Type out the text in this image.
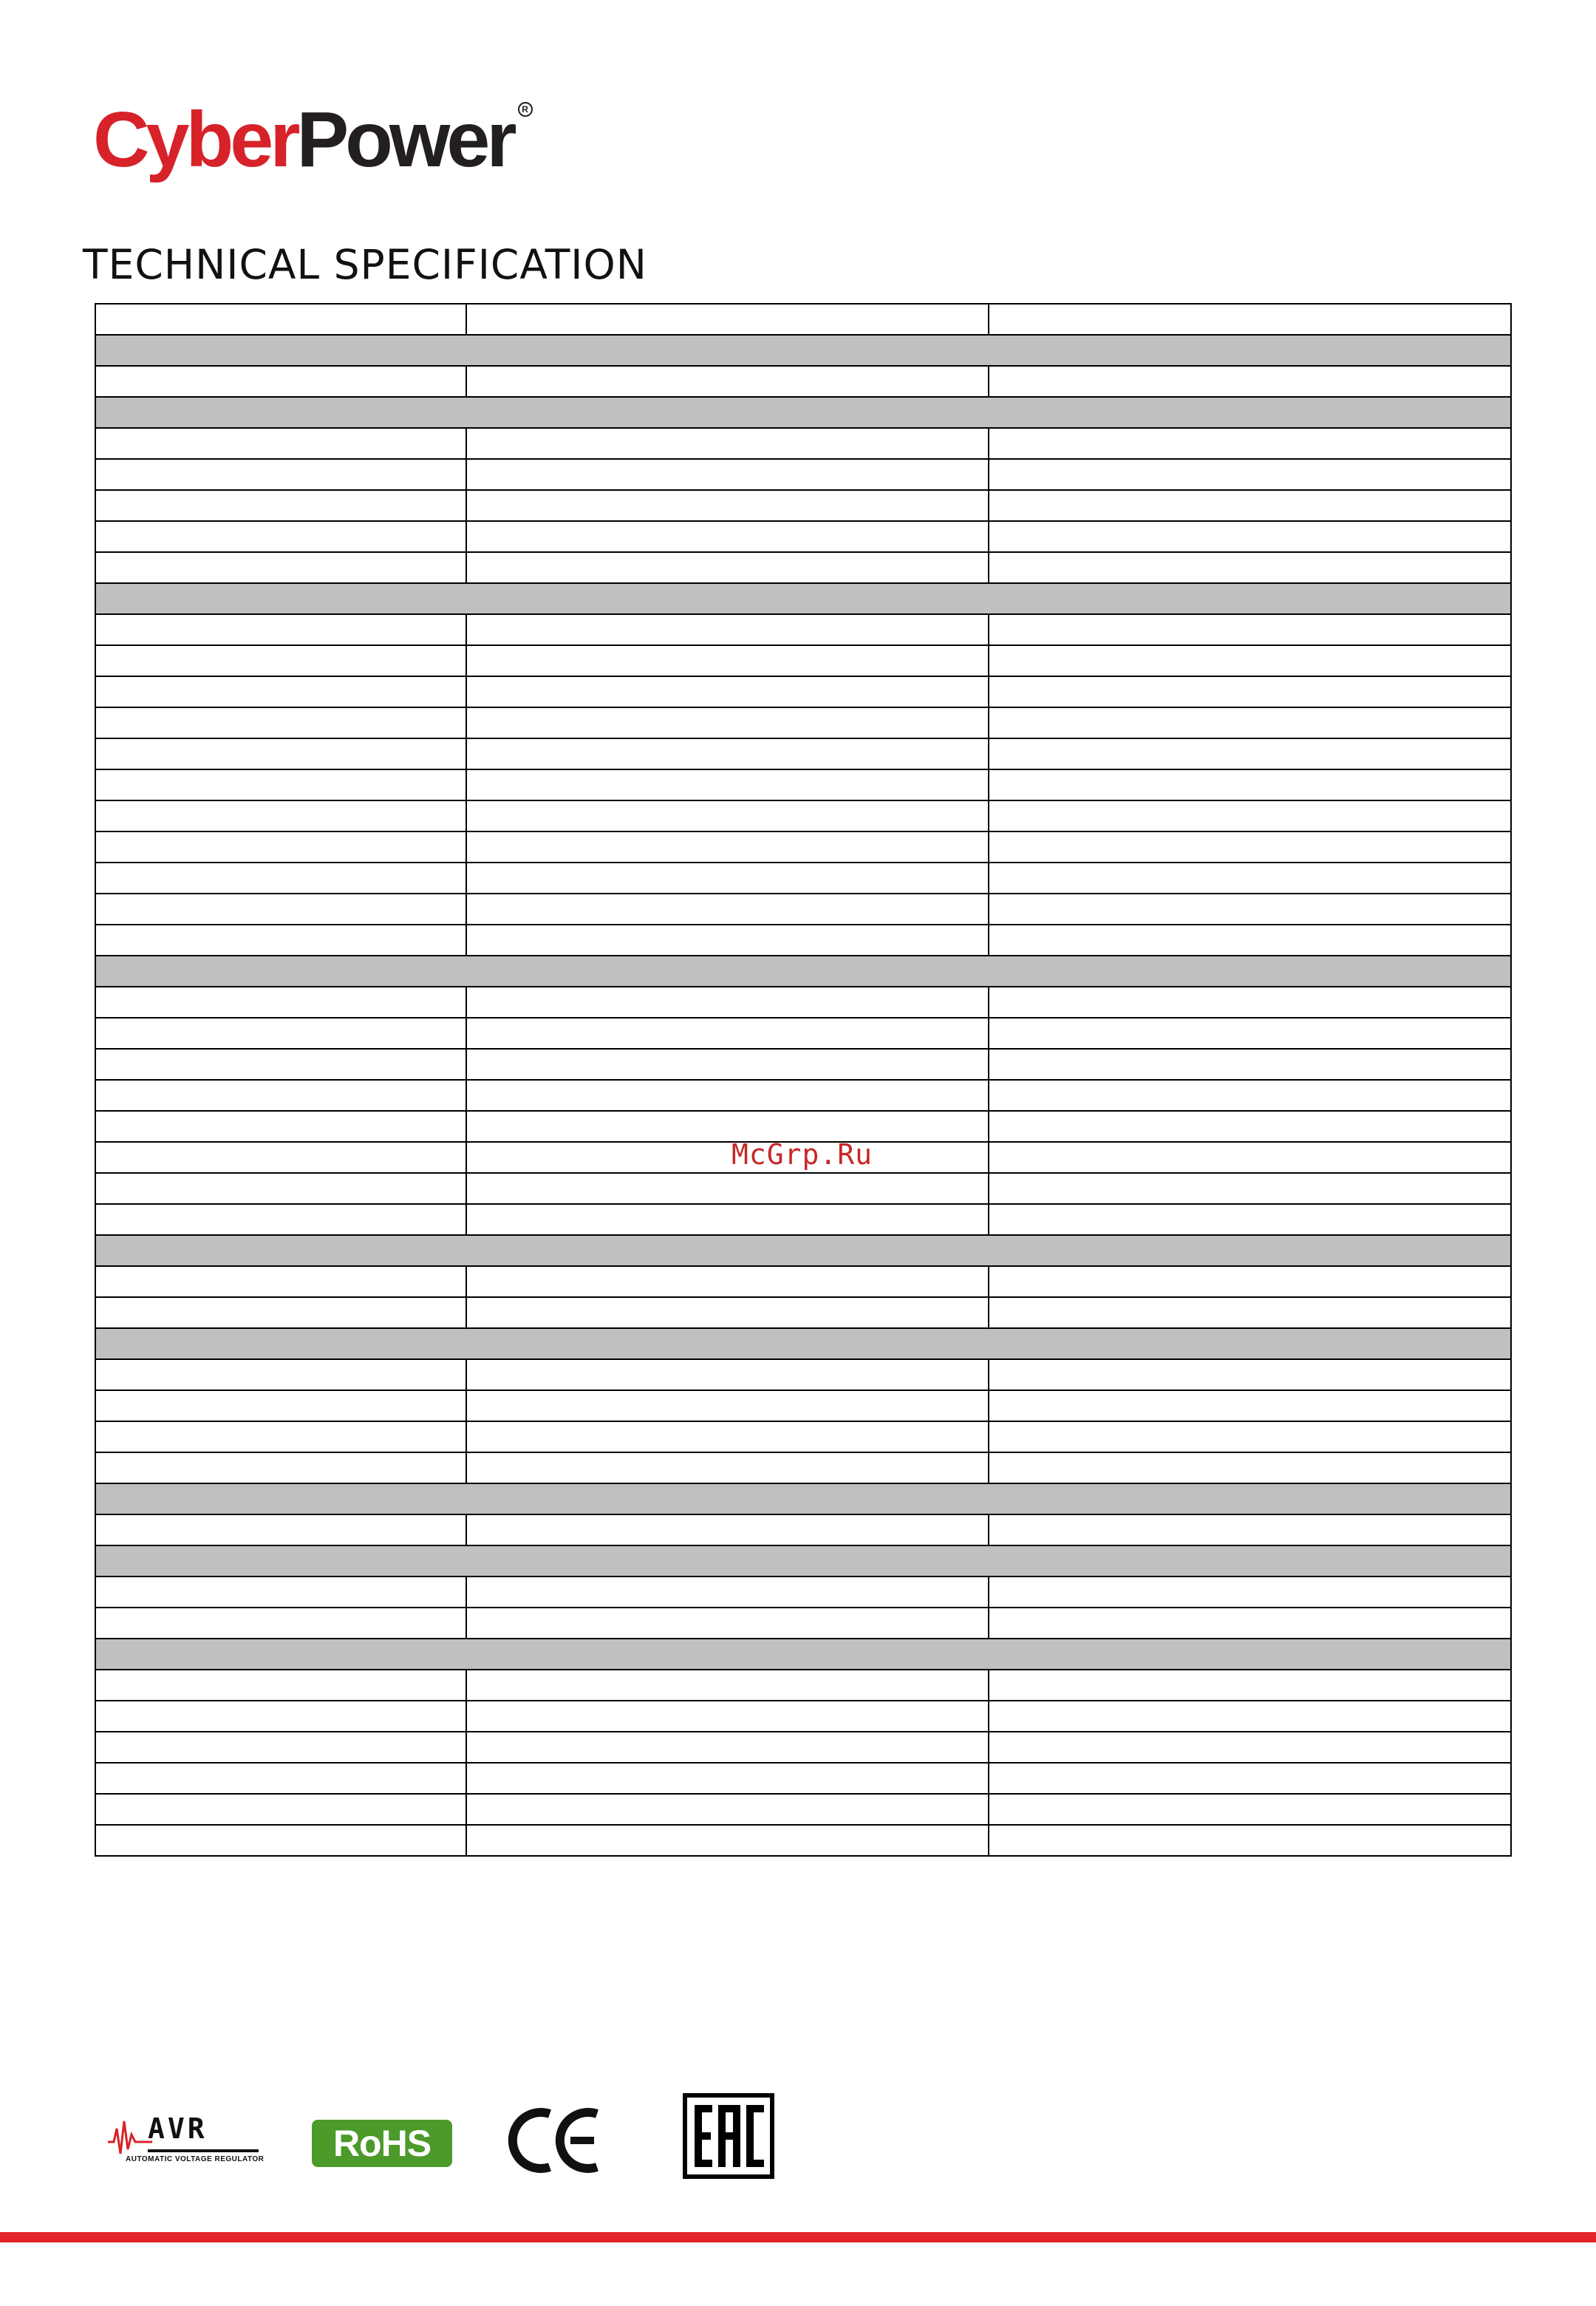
CyberPower R
TECHNICAL SPECIFICATION

McGrp.Ru
AVR
AUTOMATIC VOLTAGE REGULATOR RoHS
